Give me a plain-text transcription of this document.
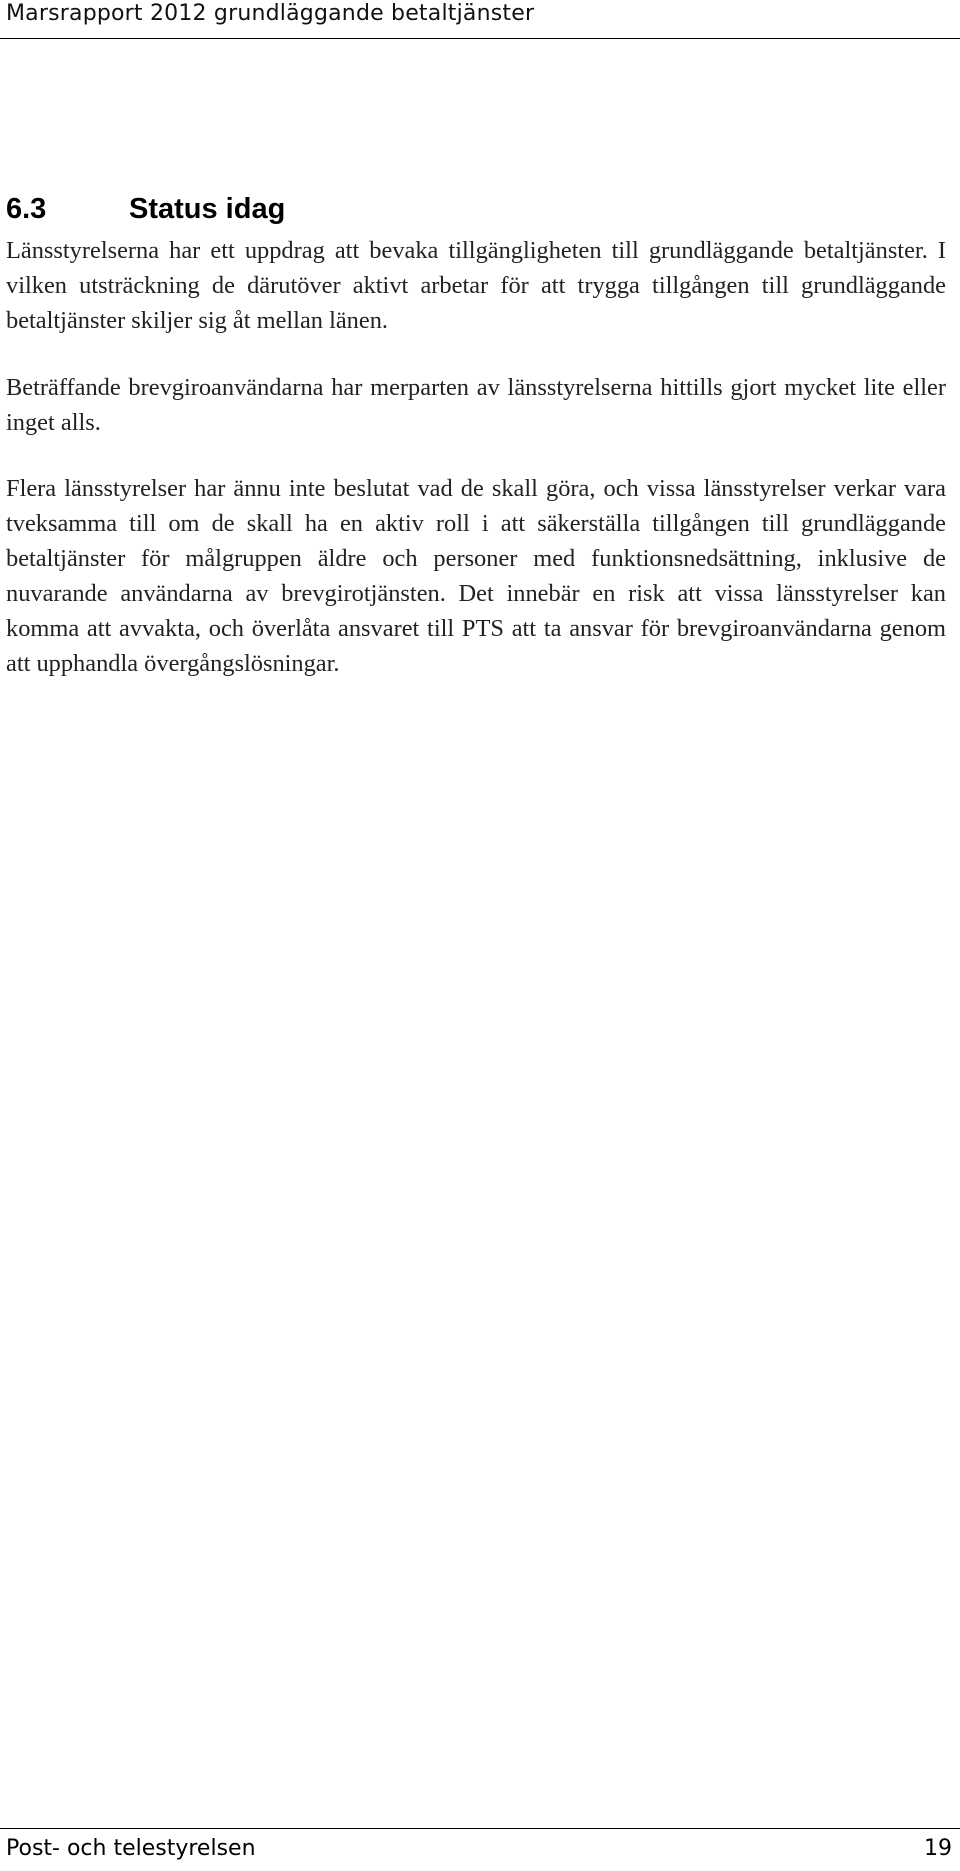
Marsrapport 2012 grundläggande betaltjänster
6.3	Status idag

Länsstyrelserna har ett uppdrag att bevaka tillgängligheten till grundläggande betaltjänster. I vilken utsträckning de därutöver aktivt arbetar för att trygga tillgången till grundläggande betaltjänster skiljer sig åt mellan länen.

Beträffande brevgiroanvändarna har merparten av länsstyrelserna hittills gjort mycket lite eller inget alls.

Flera länsstyrelser har ännu inte beslutat vad de skall göra, och vissa länsstyrelser verkar vara tveksamma till om de skall ha en aktiv roll i att säkerställa tillgången till grundläggande betaltjänster för målgruppen äldre och personer med funktionsnedsättning, inklusive de nuvarande användarna av brevgirotjänsten. Det innebär en risk att vissa länsstyrelser kan komma att avvakta, och överlåta ansvaret till PTS att ta ansvar för brevgiroanvändarna genom att upphandla övergångslösningar.

Post- och telestyrelsen	19
